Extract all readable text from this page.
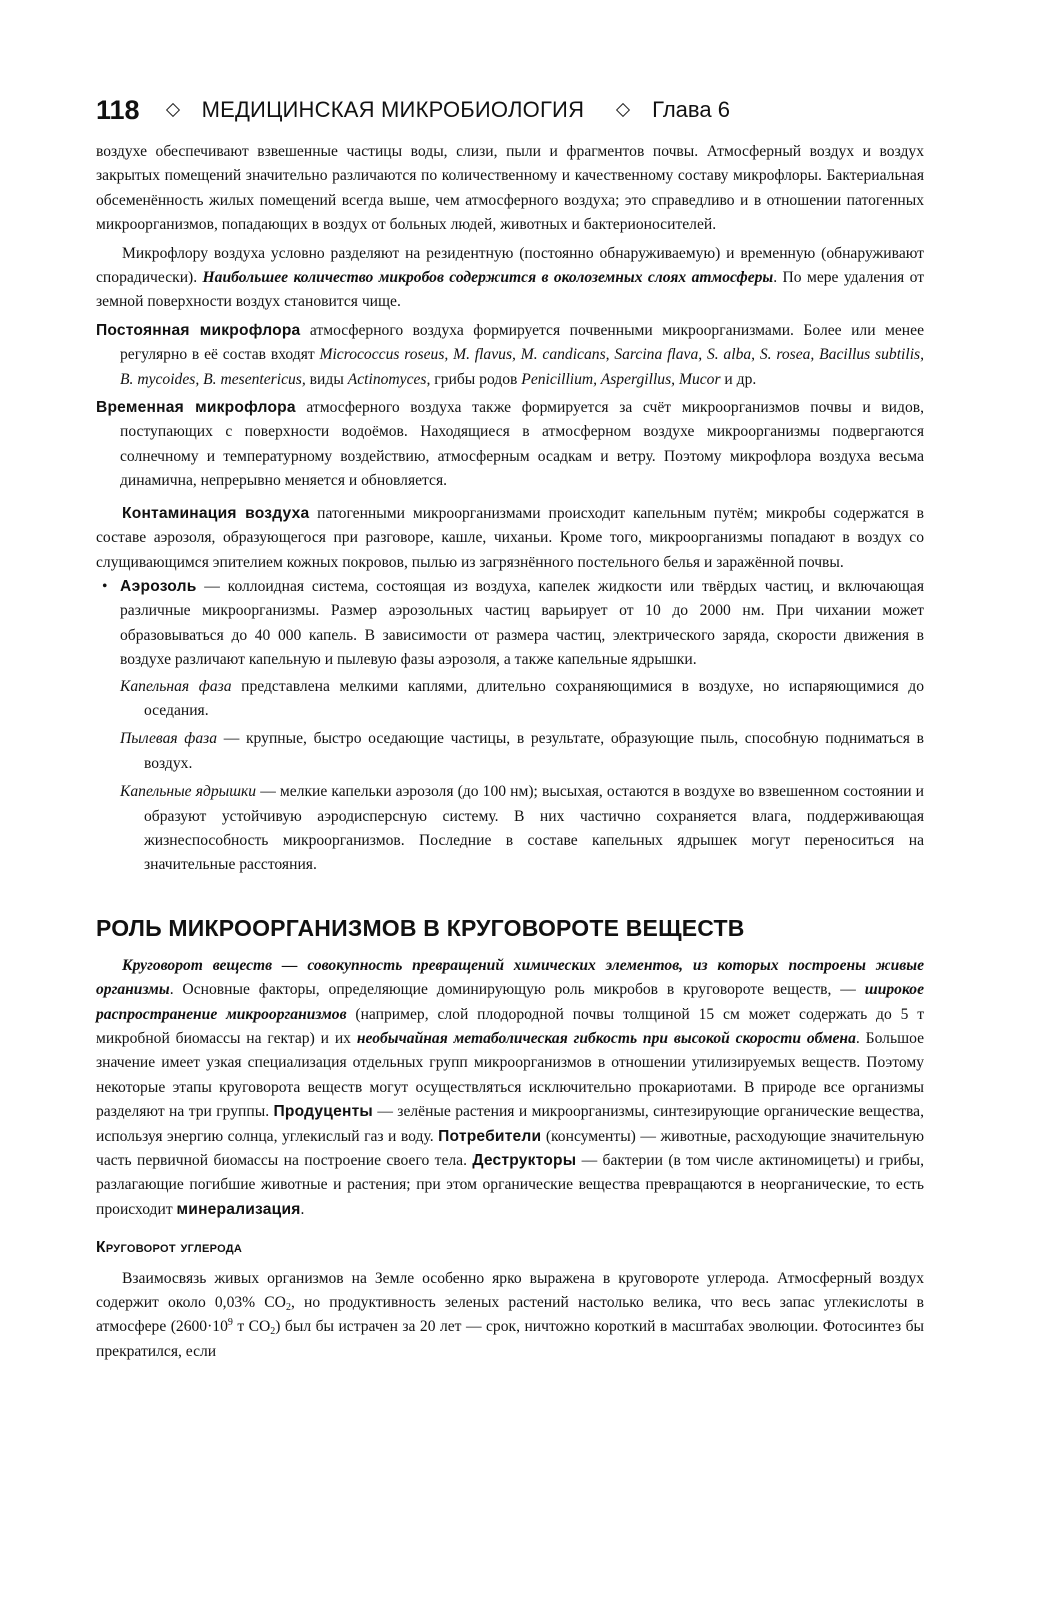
118	МЕДИЦИНСКАЯ МИКРОБИОЛОГИЯ	Глава 6

воздухе обеспечивают взвешенные частицы воды, слизи, пыли и фрагментов почвы. Атмосферный воздух и воздух закрытых помещений значительно различаются по количественному и качественному составу микрофлоры. Бактериальная обсеменённость жилых помещений всегда выше, чем атмосферного воздуха; это справедливо и в отношении патогенных микроорганизмов, попадающих в воздух от больных людей, животных и бактерионосителей.

Микрофлору воздуха условно разделяют на резидентную (постоянно обнаруживаемую) и временную (обнаруживают спорадически). Наибольшее количество микробов содержится в околоземных слоях атмосферы. По мере удаления от земной поверхности воздух становится чище.

Постоянная микрофлора атмосферного воздуха формируется почвенными микроорганизмами. Более или менее регулярно в её состав входят Micrococcus roseus, M. flavus, M. candicans, Sarcina flava, S. alba, S. rosea, Bacillus subtilis, B. mycoides, B. mesentericus, виды Actinomyces, грибы родов Penicillium, Aspergillus, Mucor и др.

Временная микрофлора атмосферного воздуха также формируется за счёт микроорганизмов почвы и видов, поступающих с поверхности водоёмов. Находящиеся в атмосферном воздухе микроорганизмы подвергаются солнечному и температурному воздействию, атмосферным осадкам и ветру. Поэтому микрофлора воздуха весьма динамична, непрерывно меняется и обновляется.

Контаминация воздуха патогенными микроорганизмами происходит капельным путём; микробы содержатся в составе аэрозоля, образующегося при разговоре, кашле, чиханьи. Кроме того, микроорганизмы попадают в воздух со слущивающимся эпителием кожных покровов, пылью из загрязнённого постельного белья и заражённой почвы.

• Аэрозоль — коллоидная система, состоящая из воздуха, капелек жидкости или твёрдых частиц, и включающая различные микроорганизмы. Размер аэрозольных частиц варьирует от 10 до 2000 нм. При чихании может образовываться до 40 000 капель. В зависимости от размера частиц, электрического заряда, скорости движения в воздухе различают капельную и пылевую фазы аэрозоля, а также капельные ядрышки.

Капельная фаза представлена мелкими каплями, длительно сохраняющимися в воздухе, но испаряющимися до оседания.

Пылевая фаза — крупные, быстро оседающие частицы, в результате, образующие пыль, способную подниматься в воздух.

Капельные ядрышки — мелкие капельки аэрозоля (до 100 нм); высыхая, остаются в воздухе во взвешенном состоянии и образуют устойчивую аэродисперсную систему. В них частично сохраняется влага, поддерживающая жизнеспособность микроорганизмов. Последние в составе капельных ядрышек могут переноситься на значительные расстояния.

РОЛЬ МИКРООРГАНИЗМОВ В КРУГОВОРОТЕ ВЕЩЕСТВ

Круговорот веществ — совокупность превращений химических элементов, из которых построены живые организмы. Основные факторы, определяющие доминирующую роль микробов в круговороте веществ, — широкое распространение микроорганизмов (например, слой плодородной почвы толщиной 15 см может содержать до 5 т микробной биомассы на гектар) и их необычайная метаболическая гибкость при высокой скорости обмена. Большое значение имеет узкая специализация отдельных групп микроорганизмов в отношении утилизируемых веществ. Поэтому некоторые этапы круговорота веществ могут осуществляться исключительно прокариотами. В природе все организмы разделяют на три группы. Продуценты — зелёные растения и микроорганизмы, синтезирующие органические вещества, используя энергию солнца, углекислый газ и воду. Потребители (консументы) — животные, расходующие значительную часть первичной биомассы на построение своего тела. Деструкторы — бактерии (в том числе актиномицеты) и грибы, разлагающие погибшие животные и растения; при этом органические вещества превращаются в неорганические, то есть происходит минерализация.

Круговорот углерода

Взаимосвязь живых организмов на Земле особенно ярко выражена в круговороте углерода. Атмосферный воздух содержит около 0,03% $CO_2$, но продуктивность зеленых растений настолько велика, что весь запас углекислоты в атмосфере ($2600\cdot 10^9$ т $CO_2$) был бы истрачен за 20 лет — срок, ничтожно короткий в масштабах эволюции. Фотосинтез бы прекратился, если
